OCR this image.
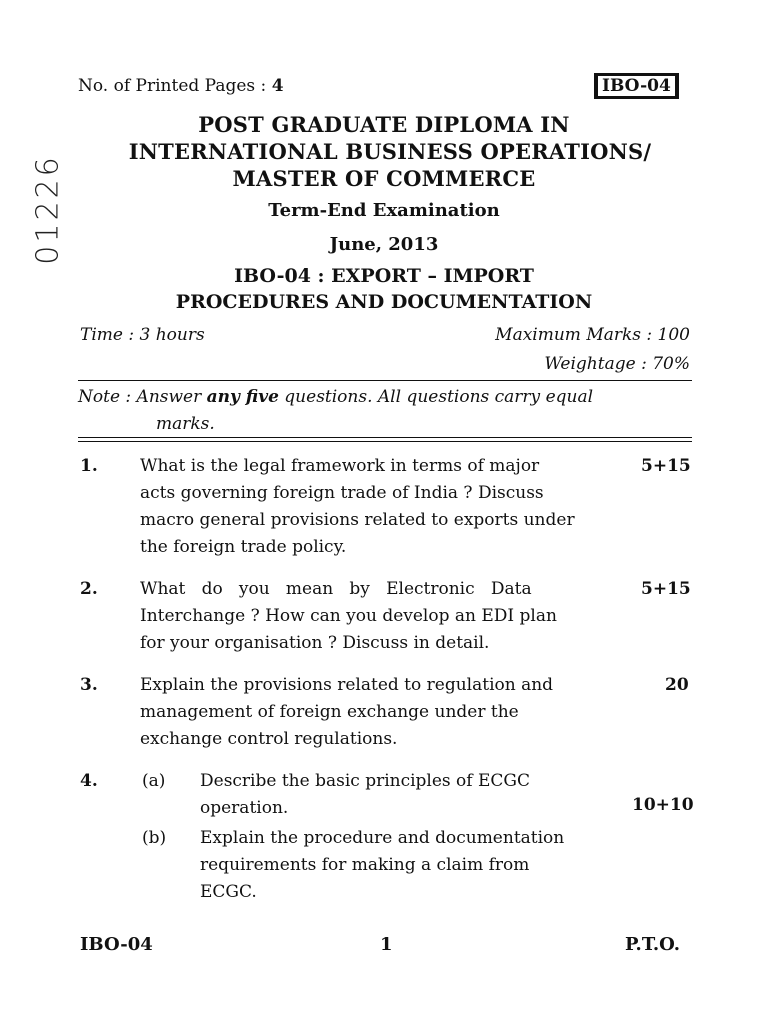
No. of Printed Pages : 4	IBO-04
01226
POST GRADUATE DIPLOMA IN
INTERNATIONAL BUSINESS OPERATIONS/
MASTER OF COMMERCE
Term-End Examination
June, 2013
IBO-04 : EXPORT – IMPORT
PROCEDURES AND DOCUMENTATION
Time : 3 hours	Maximum Marks : 100
Weightage : 70%
Note : Answer any five questions. All questions carry equal
marks.
1. What is the legal framework in terms of major
acts governing foreign trade of India ? Discuss
macro general provisions related to exports under
the foreign trade policy.
5+15
2. What   do   you   mean   by   Electronic   Data
Interchange ? How can you develop an EDI plan
for your organisation ? Discuss in detail.
5+15
3. Explain the provisions related to regulation and
management of foreign exchange under the
exchange control regulations.
20
4.	(a) Describe the basic principles of ECGC
operation.	10+10
(b) Explain the procedure and documentation
requirements for making a claim from
ECGC.
IBO-04	1	P.T.O.
